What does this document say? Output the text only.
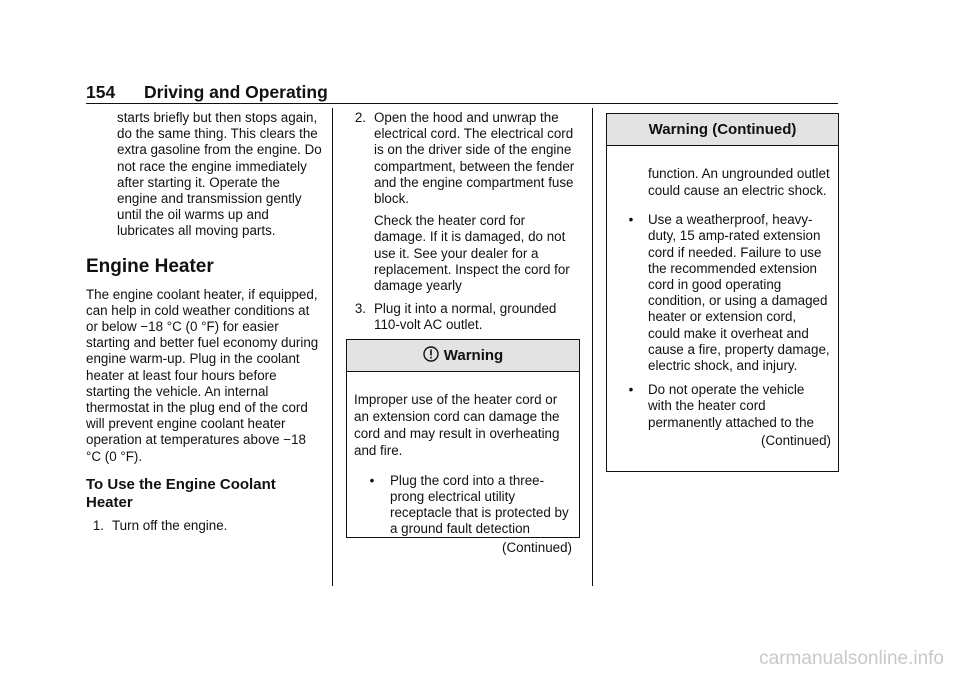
154 Driving and Operating

starts briefly but then stops again, do the same thing. This clears the extra gasoline from the engine. Do not race the engine immediately after starting it. Operate the engine and transmission gently until the oil warms up and lubricates all moving parts.

Engine Heater

The engine coolant heater, if equipped, can help in cold weather conditions at or below −18 °C (0 °F) for easier starting and better fuel economy during engine warm-up. Plug in the coolant heater at least four hours before starting the vehicle. An internal thermostat in the plug end of the cord will prevent engine coolant heater operation at temperatures above −18 °C (0 °F).

To Use the Engine Coolant Heater
1. Turn off the engine.
2. Open the hood and unwrap the electrical cord. The electrical cord is on the driver side of the engine compartment, between the fender and the engine compartment fuse block.

Check the heater cord for damage. If it is damaged, do not use it. See your dealer for a replacement. Inspect the cord for damage yearly

3. Plug it into a normal, grounded 110-volt AC outlet.
Warning

Improper use of the heater cord or an extension cord can damage the cord and may result in overheating and fire.

•	Plug the cord into a three-prong electrical utility receptacle that is protected by a ground fault detection
(Continued)
Warning (Continued)

function. An ungrounded outlet could cause an electric shock.

•	Use a weatherproof, heavy-duty, 15 amp-rated extension cord if needed. Failure to use the recommended extension cord in good operating condition, or using a damaged heater or extension cord, could make it overheat and cause a fire, property damage, electric shock, and injury.
•	Do not operate the vehicle with the heater cord permanently attached to the
(Continued)
carmanualsonline.info
